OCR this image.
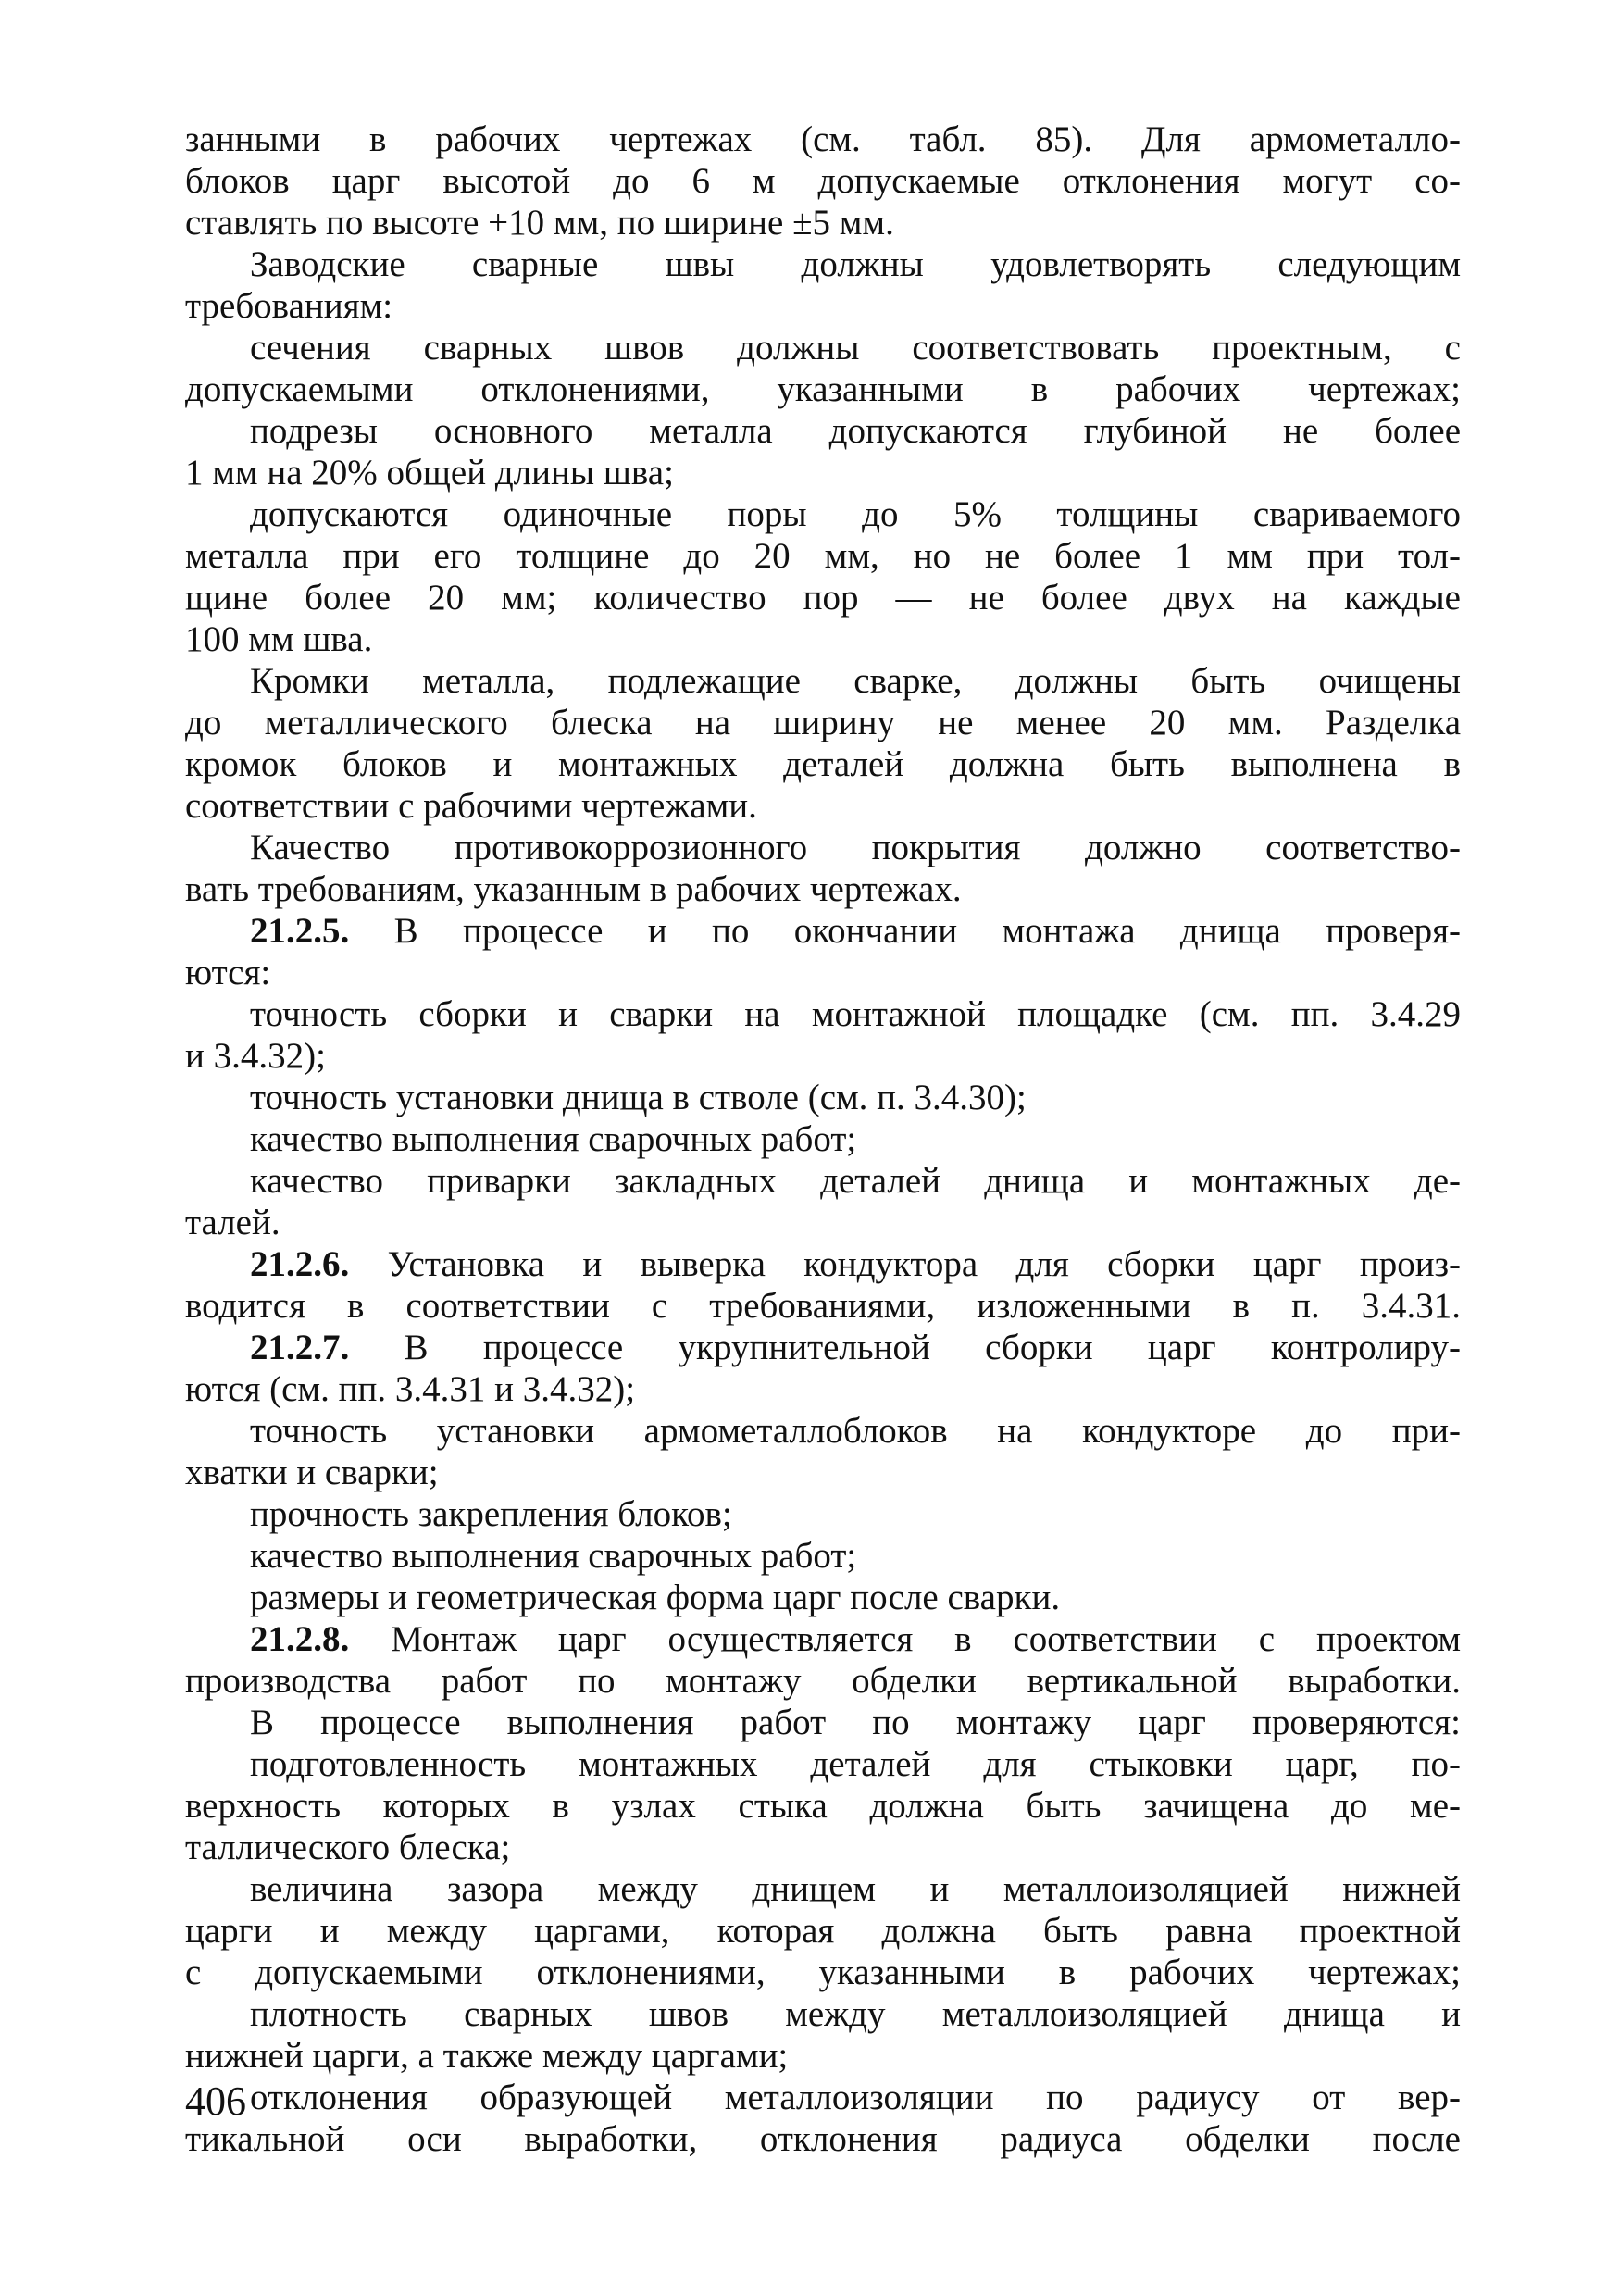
занными в рабочих чертежах (см. табл. 85). Для армометалло-
блоков царг высотой до 6 м допускаемые отклонения могут со-
ставлять по высоте +10 мм, по ширине ±5 мм.
Заводские сварные швы должны удовлетворять следующим
требованиям:
сечения сварных швов должны соответствовать проектным, с
допускаемыми отклонениями, указанными в рабочих чертежах;
подрезы основного металла допускаются глубиной не более
1 мм на 20% общей длины шва;
допускаются одиночные поры до 5% толщины свариваемого
металла при его толщине до 20 мм, но не более 1 мм при тол-
щине более 20 мм; количество пор — не более двух на каждые
100 мм шва.
Кромки металла, подлежащие сварке, должны быть очищены
до металлического блеска на ширину не менее 20 мм. Разделка
кромок блоков и монтажных деталей должна быть выполнена в
соответствии с рабочими чертежами.
Качество противокоррозионного покрытия должно соответство-
вать требованиям, указанным в рабочих чертежах.
21.2.5. В процессе и по окончании монтажа днища проверя-
ются:
точность сборки и сварки на монтажной площадке (см. пп. 3.4.29
и 3.4.32);
точность установки днища в стволе (см. п. 3.4.30);
качество выполнения сварочных работ;
качество приварки закладных деталей днища и монтажных де-
талей.
21.2.6. Установка и выверка кондуктора для сборки царг произ-
водится в соответствии с требованиями, изложенными в п. 3.4.31.
21.2.7. В процессе укрупнительной сборки царг контролиру-
ются (см. пп. 3.4.31 и 3.4.32);
точность установки армометаллоблоков на кондукторе до при-
хватки и сварки;
прочность закрепления блоков;
качество выполнения сварочных работ;
размеры и геометрическая форма царг после сварки.
21.2.8. Монтаж царг осуществляется в соответствии с проектом
производства работ по монтажу обделки вертикальной выработки.
В процессе выполнения работ по монтажу царг проверяются:
подготовленность монтажных деталей для стыковки царг, по-
верхность которых в узлах стыка должна быть зачищена до ме-
таллического блеска;
величина зазора между днищем и металлоизоляцией нижней
царги и между царгами, которая должна быть равна проектной
с допускаемыми отклонениями, указанными в рабочих чертежах;
плотность сварных швов между металлоизоляцией днища и
нижней царги, а также между царгами;
отклонения образующей металлоизоляции по радиусу от вер-
тикальной оси выработки, отклонения радиуса обделки после
406
